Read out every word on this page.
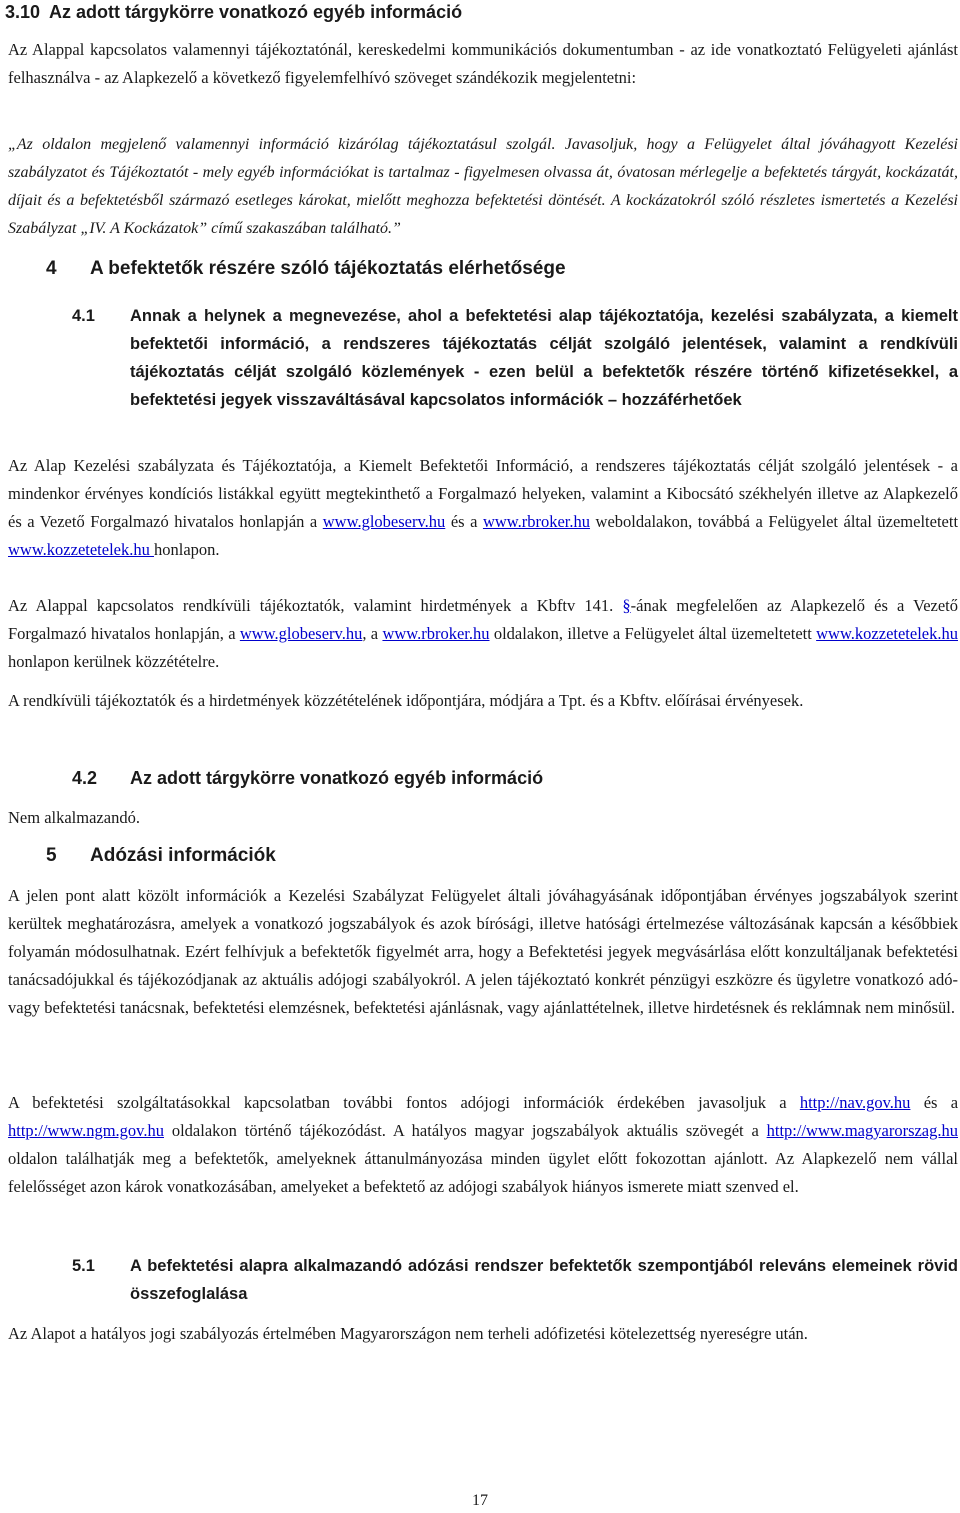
3.10 Az adott tárgykörre vonatkozó egyéb információ

Az Alappal kapcsolatos valamennyi tájékoztatónál, kereskedelmi kommunikációs dokumentumban - az ide vonatkoztató Felügyeleti ajánlást felhasználva - az Alapkezelő a következő figyelemfelhívó szöveget szándékozik megjelentetni:

„Az oldalon megjelenő valamennyi információ kizárólag tájékoztatásul szolgál. Javasoljuk, hogy a Felügyelet által jóváhagyott Kezelési szabályzatot és Tájékoztatót - mely egyéb információkat is tartalmaz - figyelmesen olvassa át, óvatosan mérlegelje a befektetés tárgyát, kockázatát, díjait és a befektetésből származó esetleges károkat, mielőtt meghozza befektetési döntését. A kockázatokról szóló részletes ismertetés a Kezelési Szabályzat „IV. A Kockázatok” című szakaszában található.”

4	A befektetők részére szóló tájékoztatás elérhetősége
4.1	Annak a helynek a megnevezése, ahol a befektetési alap tájékoztatója, kezelési szabályzata, a kiemelt befektetői információ, a rendszeres tájékoztatás célját szolgáló jelentések, valamint a rendkívüli tájékoztatás célját szolgáló közlemények - ezen belül a befektetők részére történő kifizetésekkel, a befektetési jegyek visszaváltásával kapcsolatos információk – hozzáférhetőek

Az Alap Kezelési szabályzata és Tájékoztatója, a Kiemelt Befektetői Információ, a rendszeres tájékoztatás célját szolgáló jelentések - a mindenkor érvényes kondíciós listákkal együtt megtekinthető a Forgalmazó helyeken, valamint a Kibocsátó székhelyén illetve az Alapkezelő és a Vezető Forgalmazó hivatalos honlapján a www.globeserv.hu és a www.rbroker.hu weboldalakon, továbbá a Felügyelet által üzemeltetett www.kozzetetelek.hu honlapon.

Az Alappal kapcsolatos rendkívüli tájékoztatók, valamint hirdetmények a Kbftv 141. §-ának megfelelően az Alapkezelő és a Vezető Forgalmazó hivatalos honlapján, a www.globeserv.hu, a www.rbroker.hu oldalakon, illetve a Felügyelet által üzemeltetett www.kozzetetelek.hu honlapon kerülnek közzétételre.

A rendkívüli tájékoztatók és a hirdetmények közzétételének időpontjára, módjára a Tpt. és a Kbftv. előírásai érvényesek.

4.2	Az adott tárgykörre vonatkozó egyéb információ

Nem alkalmazandó.

5	Adózási információk

A jelen pont alatt közölt információk a Kezelési Szabályzat Felügyelet általi jóváhagyásának időpontjában érvényes jogszabályok szerint kerültek meghatározásra, amelyek a vonatkozó jogszabályok és azok bírósági, illetve hatósági értelmezése változásának kapcsán a későbbiek folyamán módosulhatnak. Ezért felhívjuk a befektetők figyelmét arra, hogy a Befektetési jegyek megvásárlása előtt konzultáljanak befektetési tanácsadójukkal és tájékozódjanak az aktuális adójogi szabályokról. A jelen tájékoztató konkrét pénzügyi eszközre és ügyletre vonatkozó adó- vagy befektetési tanácsnak, befektetési elemzésnek, befektetési ajánlásnak, vagy ajánlattételnek, illetve hirdetésnek és reklámnak nem minősül.

A befektetési szolgáltatásokkal kapcsolatban további fontos adójogi információk érdekében javasoljuk a http://nav.gov.hu és a http://www.ngm.gov.hu oldalakon történő tájékozódást. A hatályos magyar jogszabályok aktuális szövegét a http://www.magyarorszag.hu oldalon találhatják meg a befektetők, amelyeknek áttanulmányozása minden ügylet előtt fokozottan ajánlott. Az Alapkezelő nem vállal felelősséget azon károk vonatkozásában, amelyeket a befektető az adójogi szabályok hiányos ismerete miatt szenved el.

5.1	A befektetési alapra alkalmazandó adózási rendszer befektetők szempontjából releváns elemeinek rövid összefoglalása

Az Alapot a hatályos jogi szabályozás értelmében Magyarországon nem terheli adófizetési kötelezettség nyereségre után.

17
